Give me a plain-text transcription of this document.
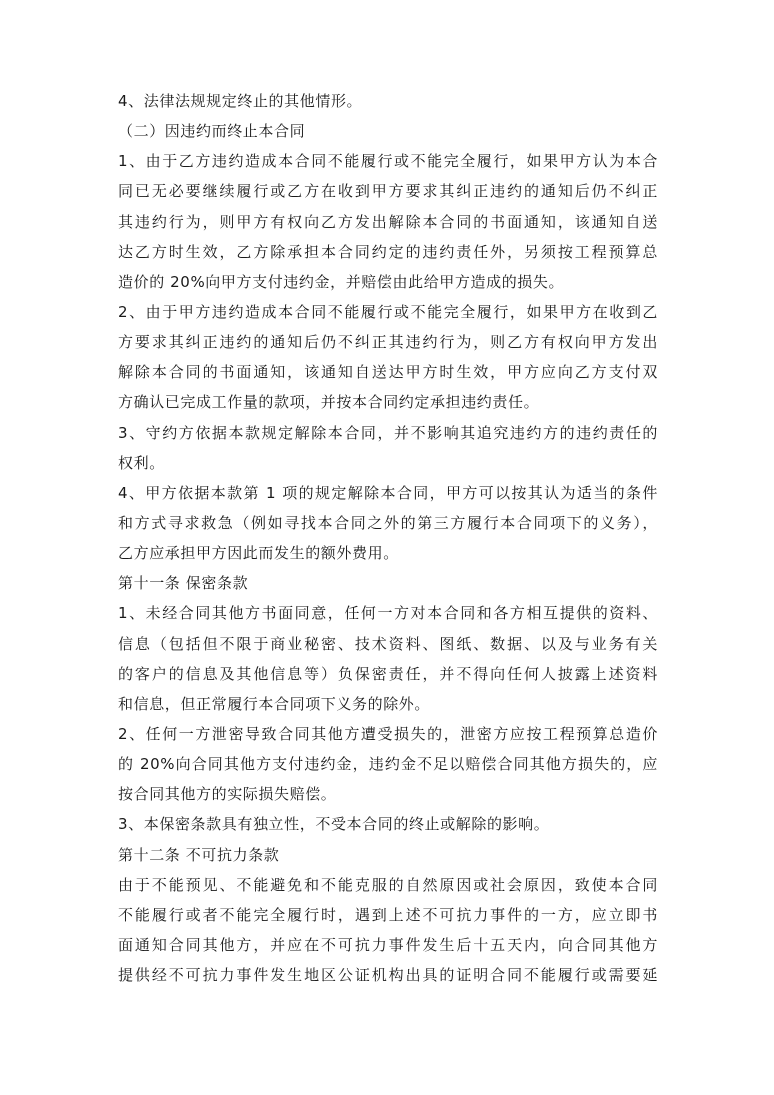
4、法律法规规定终止的其他情形。
（二）因违约而终止本合同
1、由于乙方违约造成本合同不能履行或不能完全履行，如果甲方认为本合
同已无必要继续履行或乙方在收到甲方要求其纠正违约的通知后仍不纠正
其违约行为，则甲方有权向乙方发出解除本合同的书面通知，该通知自送
达乙方时生效，乙方除承担本合同约定的违约责任外，另须按工程预算总
造价的 20%向甲方支付违约金，并赔偿由此给甲方造成的损失。
2、由于甲方违约造成本合同不能履行或不能完全履行，如果甲方在收到乙
方要求其纠正违约的通知后仍不纠正其违约行为，则乙方有权向甲方发出
解除本合同的书面通知，该通知自送达甲方时生效，甲方应向乙方支付双
方确认已完成工作量的款项，并按本合同约定承担违约责任。
3、守约方依据本款规定解除本合同，并不影响其追究违约方的违约责任的
权利。
4、甲方依据本款第 1 项的规定解除本合同，甲方可以按其认为适当的条件
和方式寻求救急（例如寻找本合同之外的第三方履行本合同项下的义务），
乙方应承担甲方因此而发生的额外费用。
第十一条 保密条款
1、未经合同其他方书面同意，任何一方对本合同和各方相互提供的资料、
信息（包括但不限于商业秘密、技术资料、图纸、数据、以及与业务有关
的客户的信息及其他信息等）负保密责任，并不得向任何人披露上述资料
和信息，但正常履行本合同项下义务的除外。
2、任何一方泄密导致合同其他方遭受损失的，泄密方应按工程预算总造价
的 20%向合同其他方支付违约金，违约金不足以赔偿合同其他方损失的，应
按合同其他方的实际损失赔偿。
3、本保密条款具有独立性，不受本合同的终止或解除的影响。
第十二条 不可抗力条款
由于不能预见、不能避免和不能克服的自然原因或社会原因，致使本合同
不能履行或者不能完全履行时，遇到上述不可抗力事件的一方，应立即书
面通知合同其他方，并应在不可抗力事件发生后十五天内，向合同其他方
提供经不可抗力事件发生地区公证机构出具的证明合同不能履行或需要延
